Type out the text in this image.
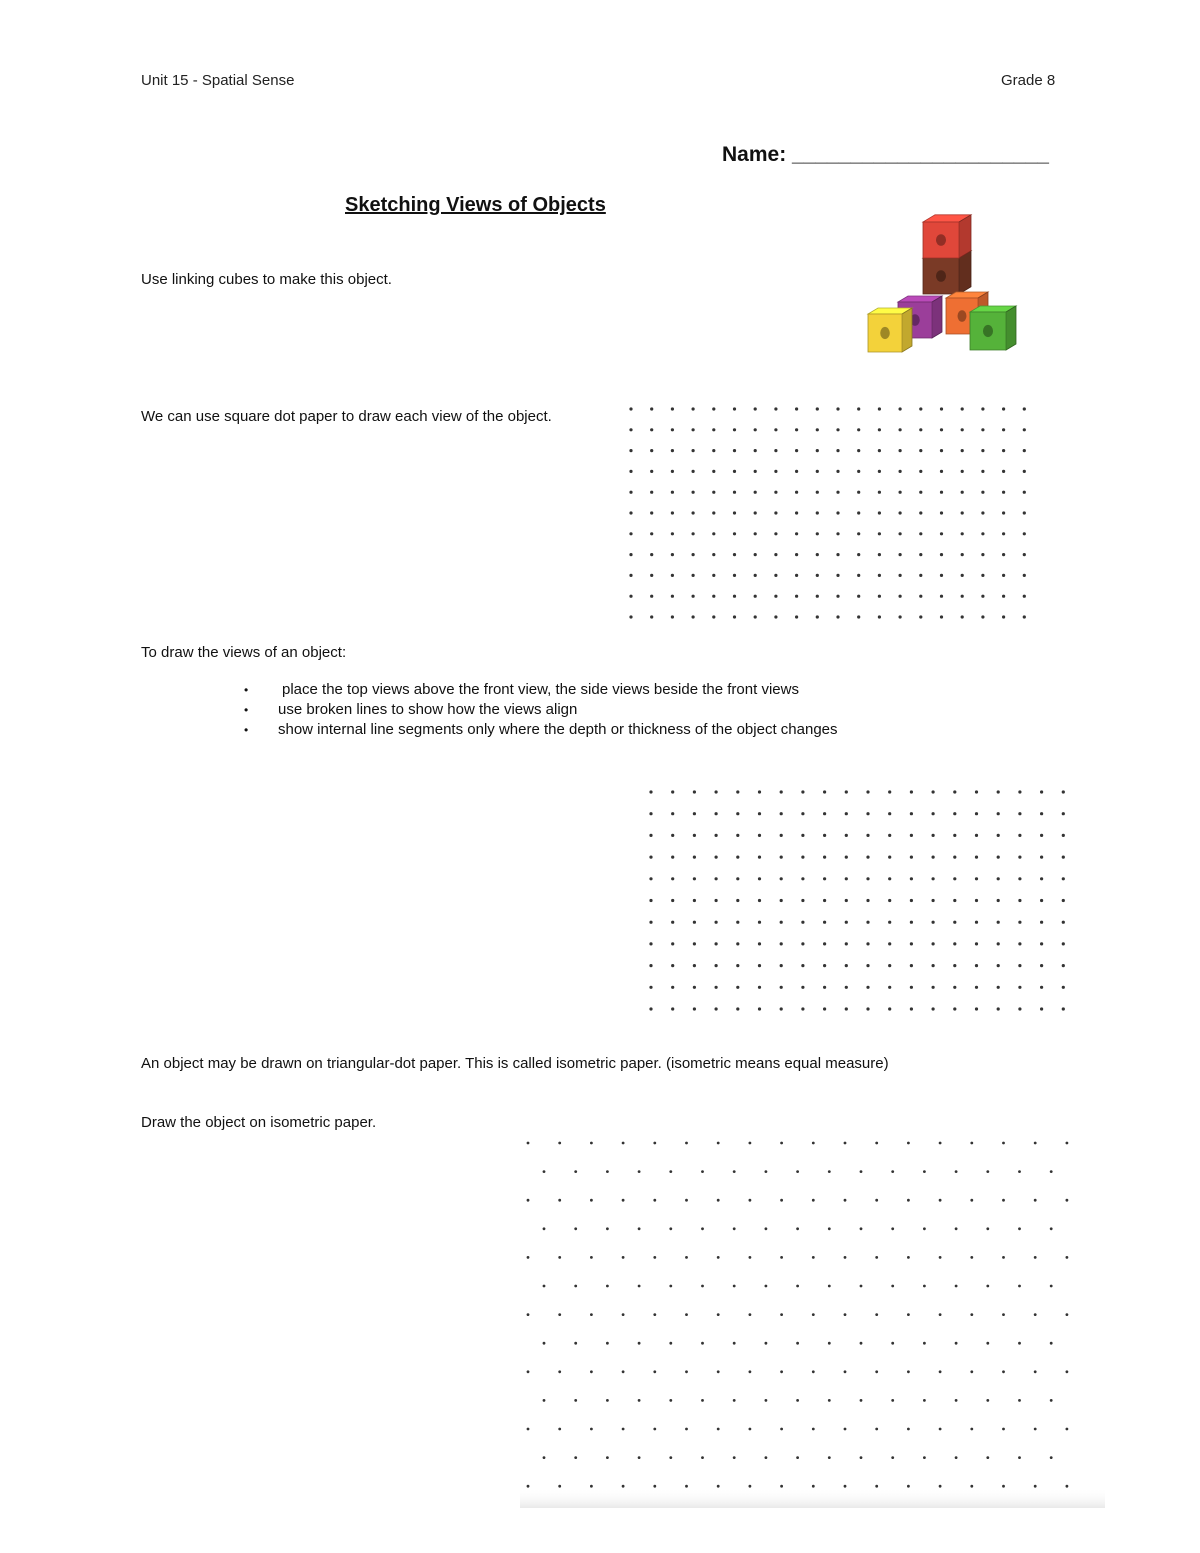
Unit 15 - Spatial Sense	Grade 8
Name: ______________________
Sketching Views of Objects
Use linking cubes to make this object.
We can use square dot paper to draw each view of the object.
To draw the views of an object:
• place the top views above the front view, the side views beside the front views
• use broken lines to show how the views align
• show internal line segments only where the depth or thickness of the object changes
An object may be drawn on triangular-dot paper. This is called isometric paper. (isometric means equal measure)
Draw the object on isometric paper.
